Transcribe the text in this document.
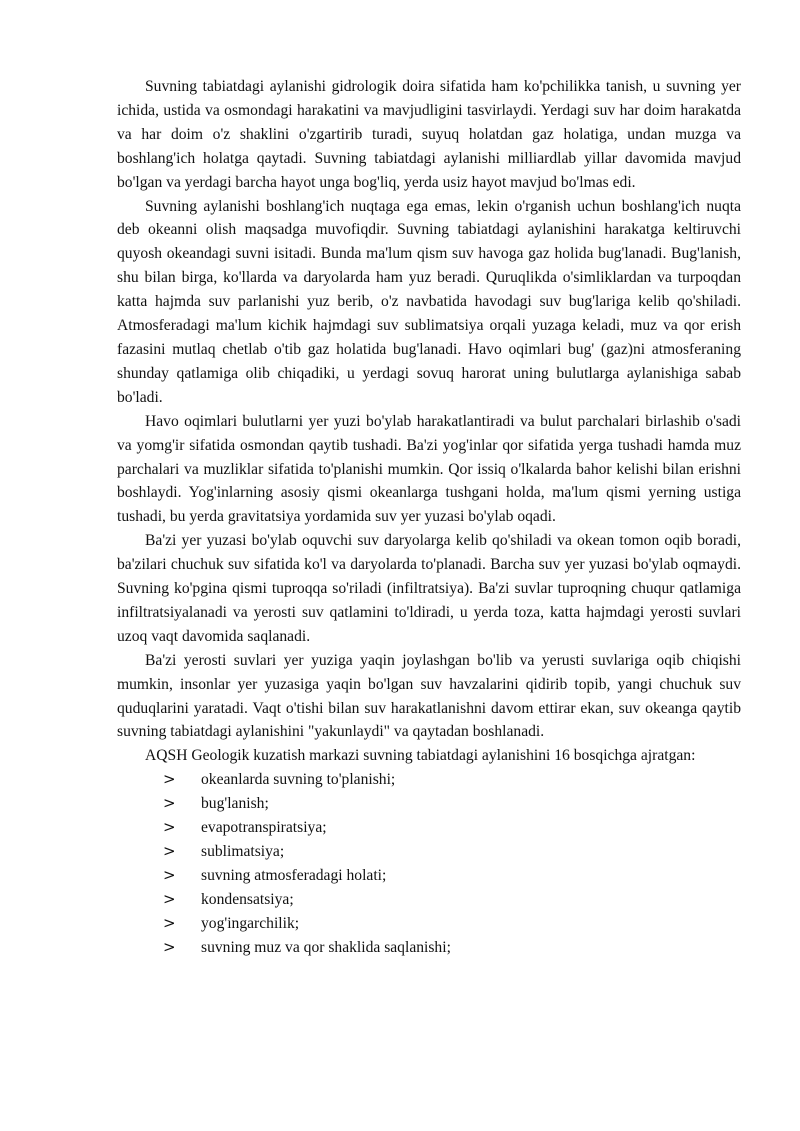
Suvning tabiatdagi aylanishi gidrologik doira sifatida ham ko'pchilikka tanish, u suvning yer ichida, ustida va osmondagi harakatini va mavjudligini tasvirlaydi. Yerdagi suv har doim harakatda va har doim o'z shaklini o'zgartirib turadi, suyuq holatdan gaz holatiga, undan muzga va boshlang'ich holatga qaytadi. Suvning tabiatdagi aylanishi milliardlab yillar davomida mavjud bo'lgan va yerdagi barcha hayot unga bog'liq, yerda usiz hayot mavjud bo'lmas edi.

Suvning aylanishi boshlang'ich nuqtaga ega emas, lekin o'rganish uchun boshlang'ich nuqta deb okeanni olish maqsadga muvofiqdir. Suvning tabiatdagi aylanishini harakatga keltiruvchi quyosh okeandagi suvni isitadi. Bunda ma'lum qism suv havoga gaz holida bug'lanadi. Bug'lanish, shu bilan birga, ko'llarda va daryolarda ham yuz beradi. Quruqlikda o'simliklardan va turpoqdan katta hajmda suv parlanishi yuz berib, o'z navbatida havodagi suv bug'lariga kelib qo'shiladi. Atmosferadagi ma'lum kichik hajmdagi suv sublimatsiya orqali yuzaga keladi, muz va qor erish fazasini mutlaq chetlab o'tib gaz holatida bug'lanadi. Havo oqimlari bug' (gaz)ni atmosferaning shunday qatlamiga olib chiqadiki, u yerdagi sovuq harorat uning bulutlarga aylanishiga sabab bo'ladi.

Havo oqimlari bulutlarni yer yuzi bo'ylab harakatlantiradi va bulut parchalari birlashib o'sadi va yomg'ir sifatida osmondan qaytib tushadi. Ba'zi yog'inlar qor sifatida yerga tushadi hamda muz parchalari va muzliklar sifatida to'planishi mumkin. Qor issiq o'lkalarda bahor kelishi bilan erishni boshlaydi. Yog'inlarning asosiy qismi okeanlarga tushgani holda, ma'lum qismi yerning ustiga tushadi, bu yerda gravitatsiya yordamida suv yer yuzasi bo'ylab oqadi.

Ba'zi yer yuzasi bo'ylab oquvchi suv daryolarga kelib qo'shiladi va okean tomon oqib boradi, ba'zilari chuchuk suv sifatida ko'l va daryolarda to'planadi. Barcha suv yer yuzasi bo'ylab oqmaydi. Suvning ko'pgina qismi tuproqqa so'riladi (infiltratsiya). Ba'zi suvlar tuproqning chuqur qatlamiga infiltratsiyalanadi va yerosti suv qatlamini to'ldiradi, u yerda toza, katta hajmdagi yerosti suvlari uzoq vaqt davomida saqlanadi.

Ba'zi yerosti suvlari yer yuziga yaqin joylashgan bo'lib va yerusti suvlariga oqib chiqishi mumkin, insonlar yer yuzasiga yaqin bo'lgan suv havzalarini qidirib topib, yangi chuchuk suv quduqlarini yaratadi. Vaqt o'tishi bilan suv harakatlanishni davom ettirar ekan, suv okeanga qaytib suvning tabiatdagi aylanishini "yakunlaydi" va qaytadan boshlanadi.

AQSH Geologik kuzatish markazi suvning tabiatdagi aylanishini 16 bosqichga ajratgan:

>	okeanlarda suvning to'planishi;
>	bug'lanish;
>	evapotranspiratsiya;
>	sublimatsiya;
>	suvning atmosferadagi holati;
>	kondensatsiya;
>	yog'ingarchilik;
>	suvning muz va qor shaklida saqlanishi;
